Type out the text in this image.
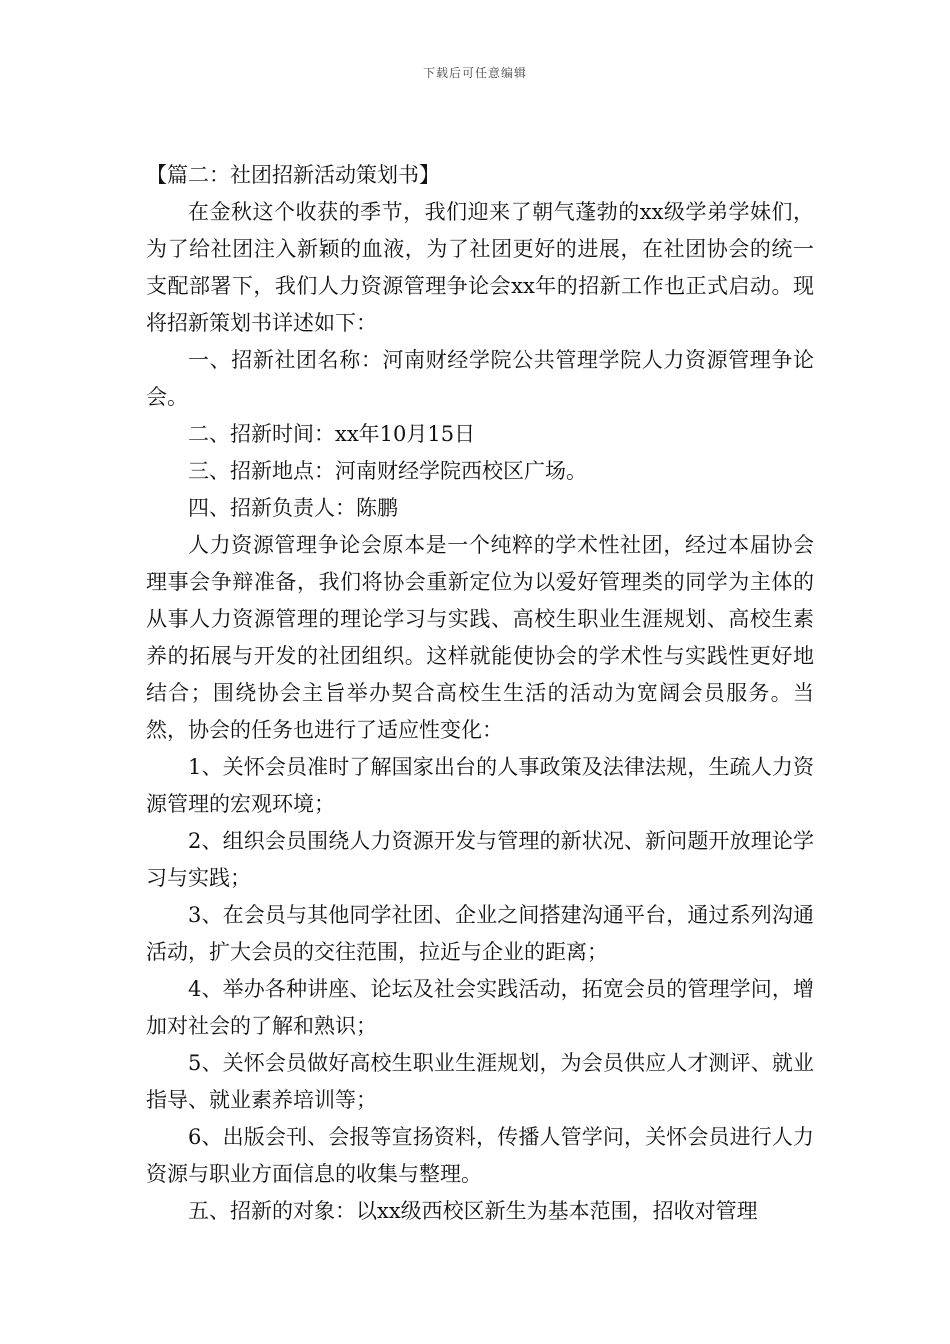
下载后可任意编辑

【篇二：社团招新活动策划书】

在金秋这个收获的季节，我们迎来了朝气蓬勃的xx级学弟学妹们，为了给社团注入新颖的血液，为了社团更好的进展，在社团协会的统一支配部署下，我们人力资源管理争论会xx年的招新工作也正式启动。现将招新策划书详述如下：

一、招新社团名称：河南财经学院公共管理学院人力资源管理争论会。

二、招新时间：xx年10月15日

三、招新地点：河南财经学院西校区广场。

四、招新负责人：陈鹏

人力资源管理争论会原本是一个纯粹的学术性社团，经过本届协会理事会争辩准备，我们将协会重新定位为以爱好管理类的同学为主体的从事人力资源管理的理论学习与实践、高校生职业生涯规划、高校生素养的拓展与开发的社团组织。这样就能使协会的学术性与实践性更好地结合；围绕协会主旨举办契合高校生生活的活动为宽阔会员服务。当然，协会的任务也进行了适应性变化：

1、关怀会员准时了解国家出台的人事政策及法律法规，生疏人力资源管理的宏观环境；

2、组织会员围绕人力资源开发与管理的新状况、新问题开放理论学习与实践；

3、在会员与其他同学社团、企业之间搭建沟通平台，通过系列沟通活动，扩大会员的交往范围，拉近与企业的距离；

4、举办各种讲座、论坛及社会实践活动，拓宽会员的管理学问，增加对社会的了解和熟识；

5、关怀会员做好高校生职业生涯规划，为会员供应人才测评、就业指导、就业素养培训等；

6、出版会刊、会报等宣扬资料，传播人管学问，关怀会员进行人力资源与职业方面信息的收集与整理。

五、招新的对象：以xx级西校区新生为基本范围，招收对管理
